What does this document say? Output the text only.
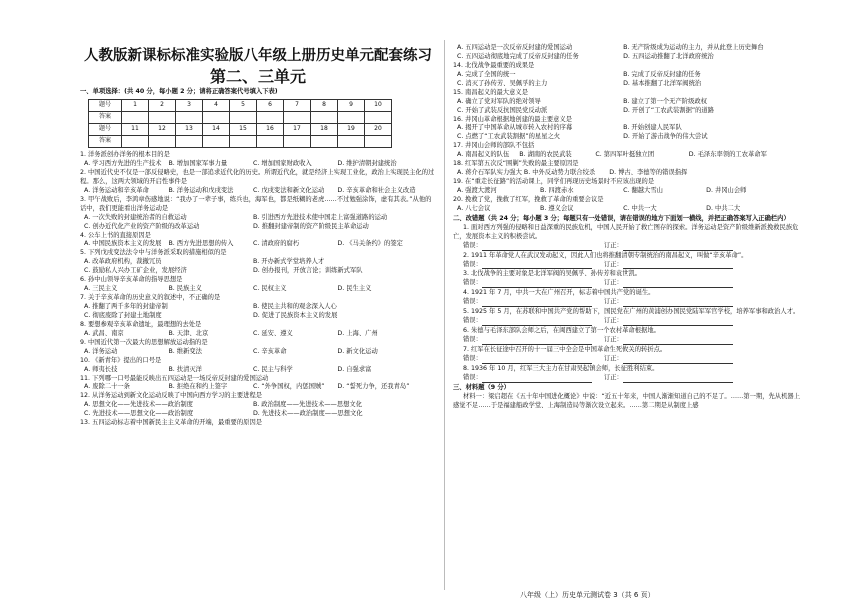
人教版新课标标准实验版八年级上册历史单元配套练习
第二、三单元
一、单项选择：(共 40 分，每小题 2 分；请将正确答案代号填入下表)
题号	1	2	3	4	5	6	7	8	9	10
答案										
题号	11	12	13	14	15	16	17	18	19	20
答案										
1. 洋务派创办洋务的根本目的是
A. 学习西方先进的生产技术 B. 增加国家军事力量	C. 增加国家财政收入	D. 维护清朝封建统治
2. 中国近代史不仅是一部反侵略史，也是一部追求近代化的历史。所谓近代化，就是经济上实现工业化，政治上实现民主化的过程。那么，这两大领域的开启性事件是
A. 洋务运动和辛亥革命	B. 洋务运动和戊戌变法	C. 戊戌变法和新文化运动 D. 辛亥革命和社会主义改造
3. 甲午战败后，李鸿章伤感地说：“我办了一辈子事，练兵也，海军也，都是纸糊的老虎……不过勉强涂饰，虚有其表。”从他的话中，我们更能看出洋务运动是
A. 一次失败的封建统治者的自救运动	B. 引进西方先进技术使中国走上富强道路的运动
C. 创办近代化产业的资产阶级的改革运动	D. 推翻封建帝制的资产阶级民主革命运动
4. 公车上书的直接原因是
A. 中国民族资本主义的发展 B. 西方先进思想的传入	C. 清政府的腐朽	D. 《马关条约》的签定
5. 下列戊戌变法法令中与洋务派采取的措施相似的是
A. 改革政府机构，裁撤冗员	B. 开办新式学堂培养人才
C. 鼓励私人兴办工矿企业，发展经济	D. 创办报刊，开放言论；训练新式军队
6. 孙中山领导辛亥革命的指导思想是
A. 三民主义	B. 民族主义	C. 民权主义	D. 民生主义
7. 关于辛亥革命的历史意义的叙述中，不正确的是
A. 推翻了两千多年的封建帝制	B. 使民主共和的观念深入人心
C. 彻底废除了封建土地制度	D. 促进了民族资本主义的发展
8. 要想参观辛亥革命遗址，最理想的去处是
A. 武昌、南京	B. 天津、北京	C. 延安、遵义	D. 上海、广州
9. 中国近代第一次最大的思想解放运动指的是
A. 洋务运动	B. 维新变法	C. 辛亥革命	D. 新文化运动
10. 《新青年》提出的口号是
A. 师夷长技	B. 扶清灭洋	C. 民主与科学	D. 自强求富
11. 下列哪一口号最能反映出五四运动是一场反帝反封建的爱国运动
A. 废除二十一条	B. 拒绝在和约上签字	C. “外争国权，内惩国贼” D. “誓死力争，还我青岛”
12. 从洋务运动到新文化运动反映了中国向西方学习的主要进程是
A. 思想文化——先进技术——政治制度	B. 政治制度——先进技术——思想文化
C. 先进技术——思想文化——政治制度	D. 先进技术——政治制度——思想文化
13. 五四运动标志着中国新民主主义革命的开端，最重要的原因是
A. 五四运动是一次反帝反封建的爱国运动	B. 无产阶级成为运动的主力，并从此登上历史舞台
C. 五四运动彻底地完成了反帝反封建的任务	D. 五四运动推翻了北洋政府统治
14. 北伐战争最重要的成果是
A. 完成了全国的统一	B. 完成了反帝反封建的任务
C. 消灭了孙传芳、吴佩孚的主力	D. 基本推翻了北洋军阀统治
15. 南昌起义的最大意义是
A. 确立了党对军队的绝对领导	B. 建立了第一个无产阶级政权
C. 开始了武装反抗国民党反动派	D. 开创了“工农武装割据”的道路
16. 井冈山革命根据地创建的最主要意义是
A. 揭开了中国革命从城市转入农村的序幕	B. 开始创建人民军队
C. 点燃了“工农武装割据”的星星之火	D. 开始了游击战争的伟大尝试
17. 井冈山会师的部队不包括
A. 南昌起义的队伍 B. 湖南的农民武装	C. 第四军叶挺独立团	D. 毛泽东率领的工农革命军
18. 红军第五次反“围剿”失败的最主要原因是
A. 蒋介石军队实力强大 B. 中外反动势力联合绞杀 D. 博古、李德等的错误指挥
19. 在“重走长征路”的活动课上，同学们再现历史场景时不应该出现的是
A. 强渡大渡河	B. 四渡赤水	C. 翻越大雪山	D. 井冈山会师
20. 挽救了党，挽救了红军，挽救了革命的重要会议是
A. 八七会议	B. 遵义会议	C. 中共一大	D. 中共二大
二、改错题（共 24 分；每小题 3 分；每题只有一处错误，请在错误的地方下面划一横线，并把正确答案写入正确栏内）
1. 面对西方列强的侵略和日益深重的民族危机，中国人民开始了救亡图存的探索。洋务运动是资产阶级维新派挽救民族危亡，发展资本主义的积极尝试。
错误：	订正：
2. 1911 年革命党人在武汉发动起义，因此人们也将推翻清朝专制统治的南昌起义，叫做“辛亥革命”。
错误：	订正：
3. 北伐战争的主要对象是北洋军阀的吴佩孚、孙传芳和袁世凯。
错误：	订正：
4. 1921 年 7 月，中共一大在广州召开，标志着中国共产党的诞生。
错误：	订正：
5. 1925 年 5 月，在苏联和中国共产党的帮助下，国民党在广州的黄浦创办国民党陆军军官学校，培养军事和政治人才。
错误：	订正：
6. 朱德与毛泽东部队会师之后，在闽西建立了第一个农村革命根据地。
错误：	订正：
7. 红军在长征途中召开的十一届三中全会是中国革命生死攸关的转折点。
错误：	订正：
8. 1936 年 10 月，红军三大主力在甘肃吴起镇会师，长征胜利结束。
错误：	订正：
三、材料题（9 分）
材料一：梁启超在《五十年中国进化概论》中说：“近五十年来，中国人渐渐知道自己的不足了。……第一期，先从机器上感觉不足……于是福建船政学堂、上海制造局等渐次设立起来。……第二期是从制度上感
八年级（上）历史单元测试卷 3（共 6 页）
